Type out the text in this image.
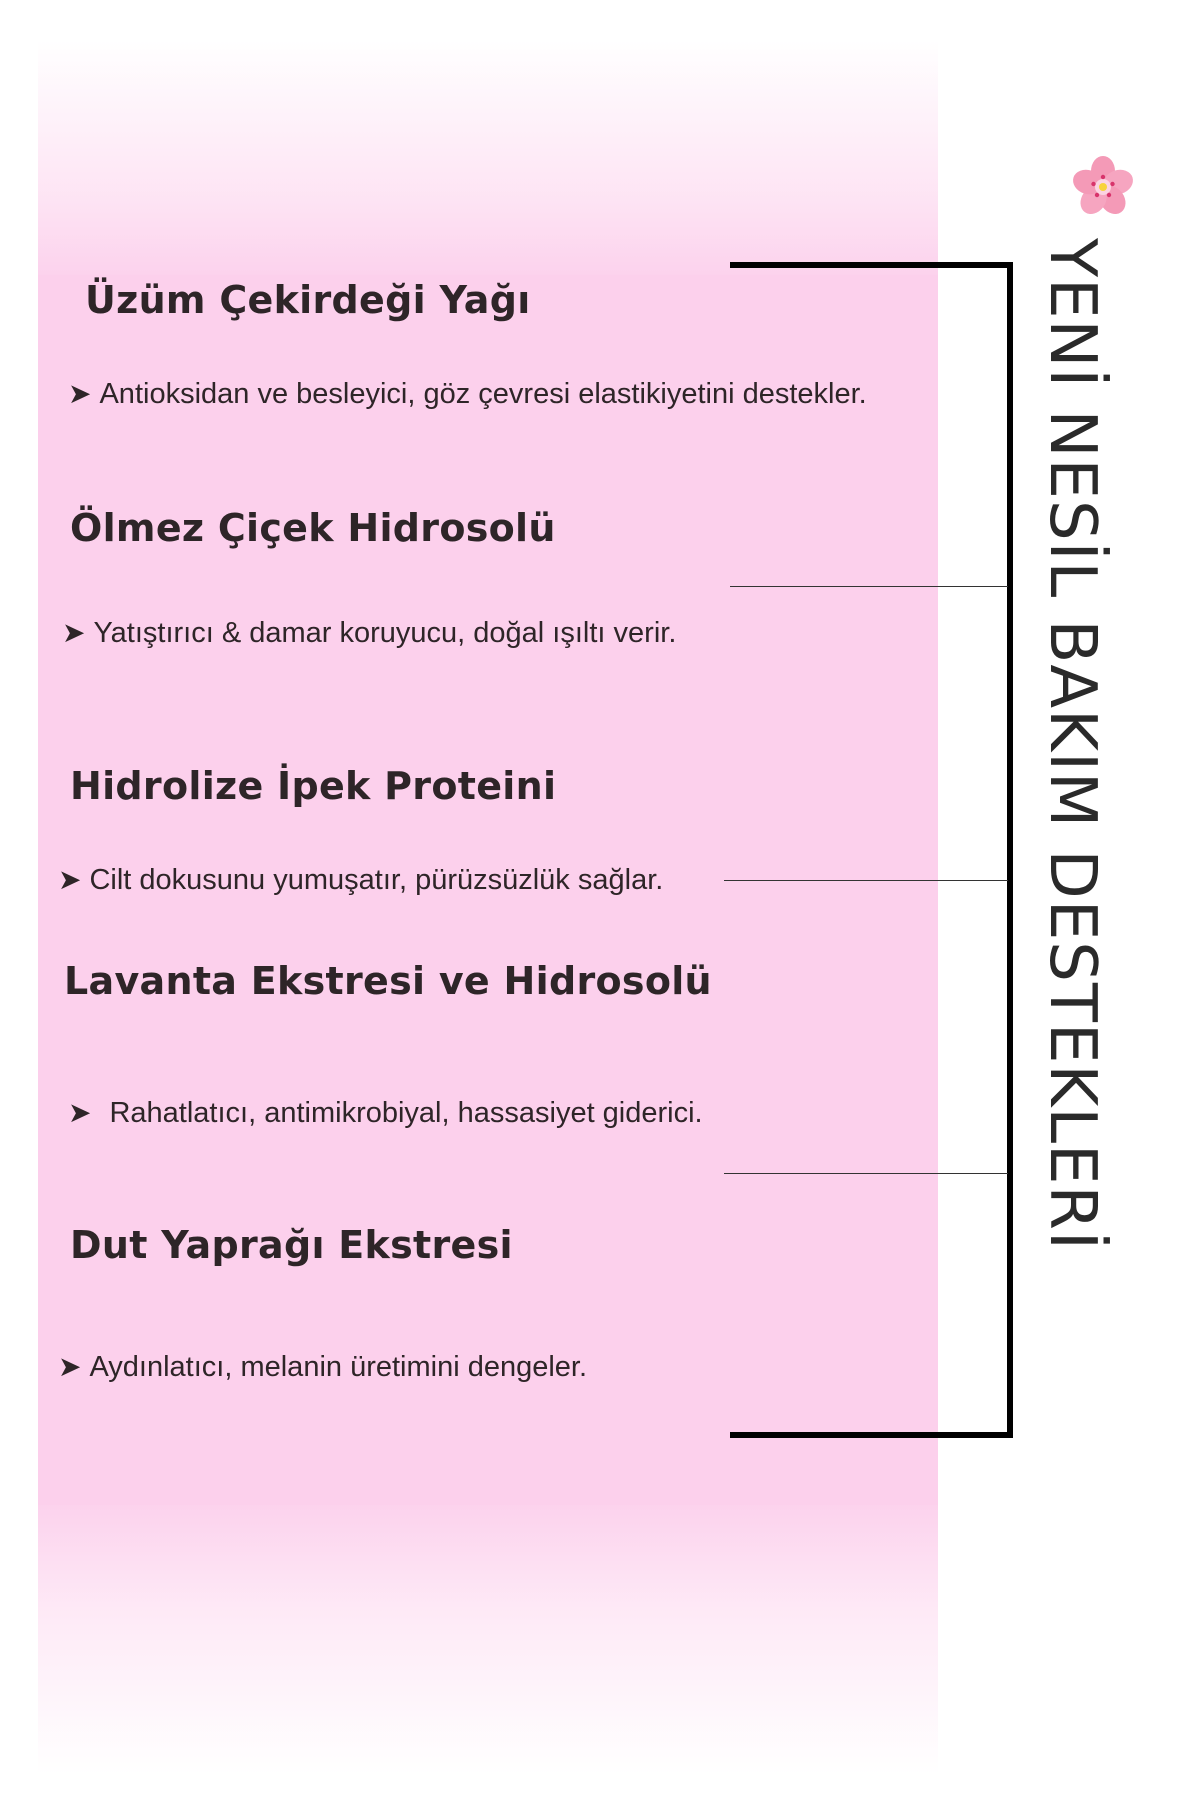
Üzüm Çekirdeği Yağı

➤ Antioksidan ve besleyici, göz çevresi elastikiyetini destekler.

Ölmez Çiçek Hidrosolü

➤ Yatıştırıcı & damar koruyucu, doğal ışıltı verir.

Hidrolize İpek Proteini

➤ Cilt dokusunu yumuşatır, pürüzsüzlük sağlar.

Lavanta Ekstresi ve Hidrosolü

➤ Rahatlatıcı, antimikrobiyal, hassasiyet giderici.

Dut Yaprağı Ekstresi

➤ Aydınlatıcı, melanin üretimini dengeler.

YENİ NESİL BAKIM DESTEKLERİ
